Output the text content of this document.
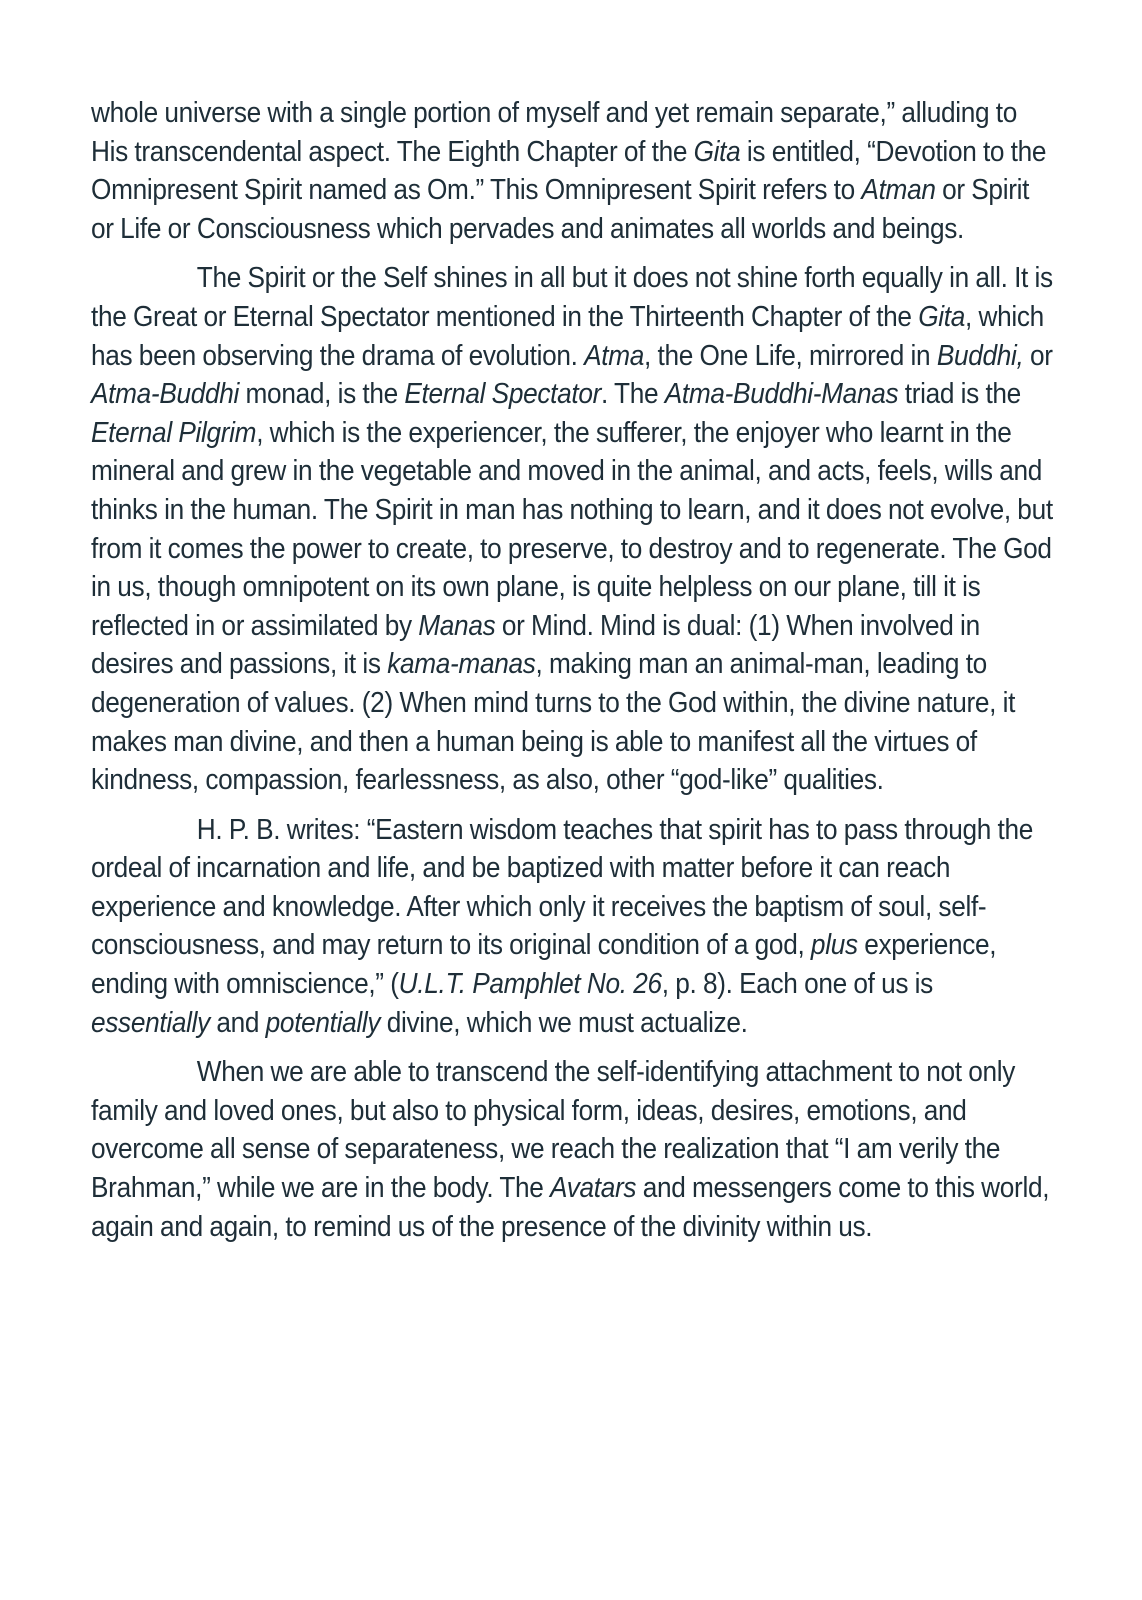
whole universe with a single portion of myself and yet remain separate,” alluding to His transcendental aspect. The Eighth Chapter of the Gita is entitled, “Devotion to the Omnipresent Spirit named as Om.” This Omnipresent Spirit refers to Atman or Spirit or Life or Consciousness which pervades and animates all worlds and beings.

The Spirit or the Self shines in all but it does not shine forth equally in all. It is the Great or Eternal Spectator mentioned in the Thirteenth Chapter of the Gita, which has been observing the drama of evolution. Atma, the One Life, mirrored in Buddhi, or Atma-Buddhi monad, is the Eternal Spectator. The Atma-Buddhi-Manas triad is the Eternal Pilgrim, which is the experiencer, the sufferer, the enjoyer who learnt in the mineral and grew in the vegetable and moved in the animal, and acts, feels, wills and thinks in the human. The Spirit in man has nothing to learn, and it does not evolve, but from it comes the power to create, to preserve, to destroy and to regenerate. The God in us, though omnipotent on its own plane, is quite helpless on our plane, till it is reflected in or assimilated by Manas or Mind. Mind is dual: (1) When involved in desires and passions, it is kama-manas, making man an animal-man, leading to degeneration of values. (2) When mind turns to the God within, the divine nature, it makes man divine, and then a human being is able to manifest all the virtues of kindness, compassion, fearlessness, as also, other “god-like” qualities.

H. P. B. writes: “Eastern wisdom teaches that spirit has to pass through the ordeal of incarnation and life, and be baptized with matter before it can reach experience and knowledge. After which only it receives the baptism of soul, self-consciousness, and may return to its original condition of a god, plus experience, ending with omniscience,” (U.L.T. Pamphlet No. 26, p. 8). Each one of us is essentially and potentially divine, which we must actualize.

When we are able to transcend the self-identifying attachment to not only family and loved ones, but also to physical form, ideas, desires, emotions, and overcome all sense of separateness, we reach the realization that “I am verily the Brahman,” while we are in the body. The Avatars and messengers come to this world, again and again, to remind us of the presence of the divinity within us.
